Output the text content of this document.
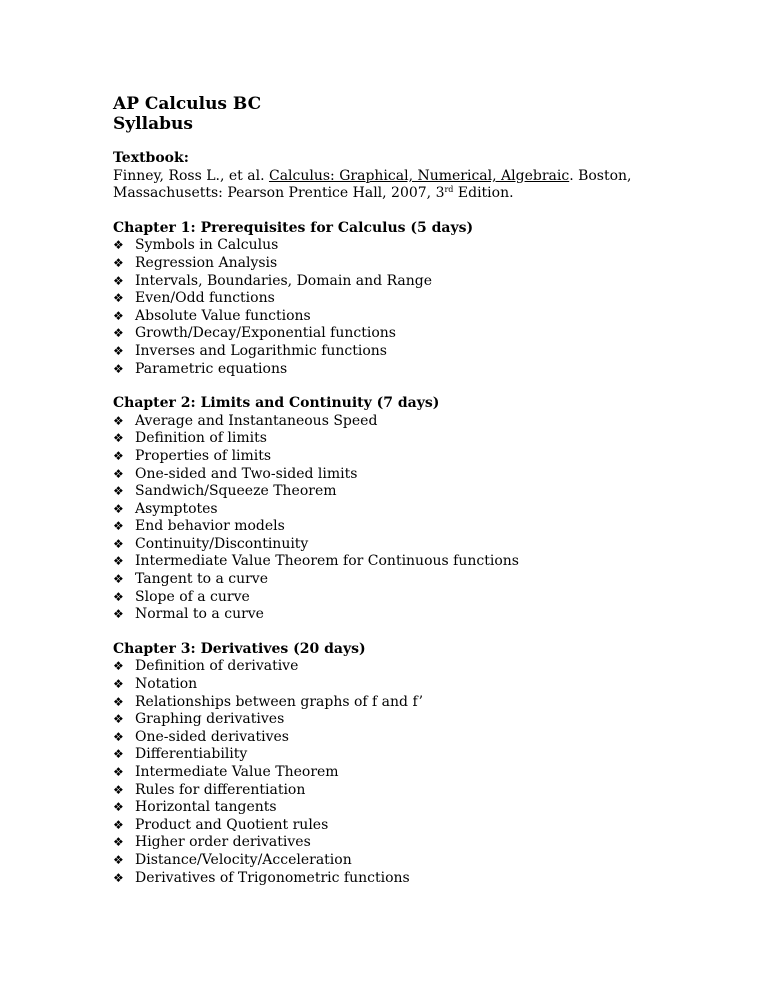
AP Calculus BC
Syllabus
Textbook:
Finney, Ross L., et al. Calculus: Graphical, Numerical, Algebraic. Boston,
Massachusetts: Pearson Prentice Hall, 2007, 3rd Edition.
Chapter 1: Prerequisites for Calculus (5 days)
❖ Symbols in Calculus
❖ Regression Analysis
❖ Intervals, Boundaries, Domain and Range
❖ Even/Odd functions
❖ Absolute Value functions
❖ Growth/Decay/Exponential functions
❖ Inverses and Logarithmic functions
❖ Parametric equations
Chapter 2: Limits and Continuity (7 days)
❖ Average and Instantaneous Speed
❖ Definition of limits
❖ Properties of limits
❖ One-sided and Two-sided limits
❖ Sandwich/Squeeze Theorem
❖ Asymptotes
❖ End behavior models
❖ Continuity/Discontinuity
❖ Intermediate Value Theorem for Continuous functions
❖ Tangent to a curve
❖ Slope of a curve
❖ Normal to a curve
Chapter 3: Derivatives (20 days)
❖ Definition of derivative
❖ Notation
❖ Relationships between graphs of f and f’
❖ Graphing derivatives
❖ One-sided derivatives
❖ Differentiability
❖ Intermediate Value Theorem
❖ Rules for differentiation
❖ Horizontal tangents
❖ Product and Quotient rules
❖ Higher order derivatives
❖ Distance/Velocity/Acceleration
❖ Derivatives of Trigonometric functions
